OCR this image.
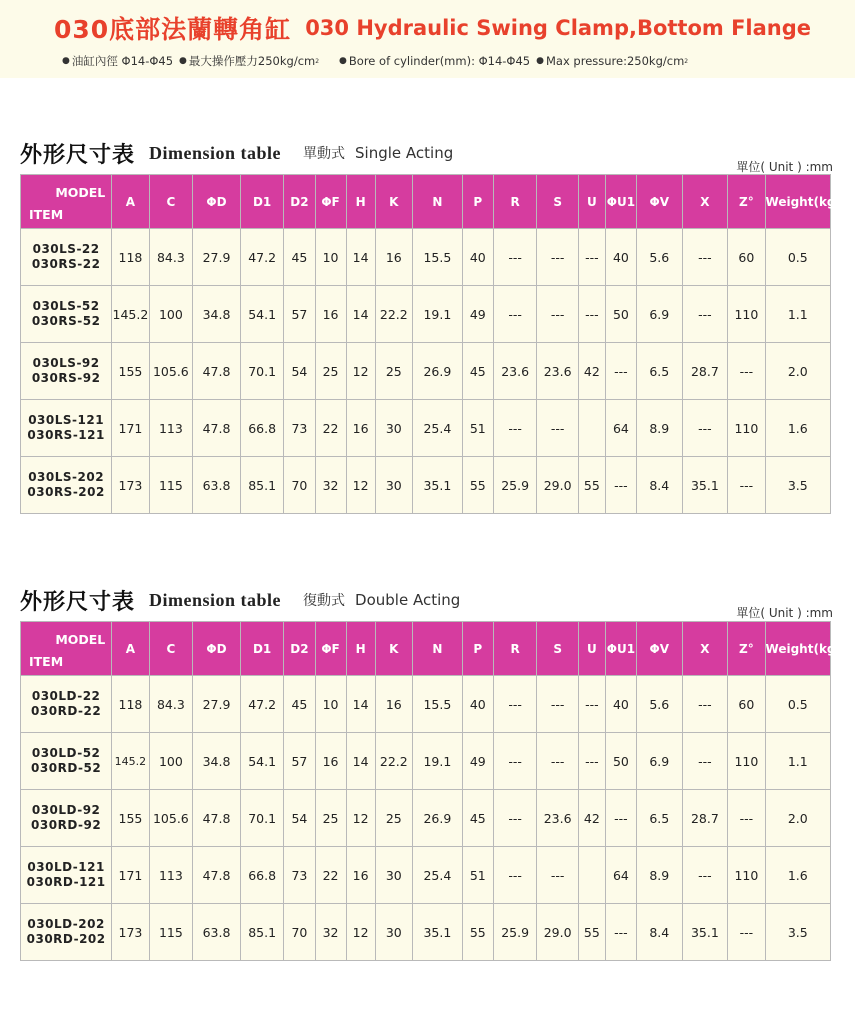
030底部法蘭轉角缸 030 Hydraulic Swing Clamp,Bottom Flange
● 油缸內徑 Φ14-Φ45 ● 最大操作壓力250kg/cm 2 ● Bore of cylinder(mm): Φ14-Φ45 ● Max pressure:250kg/cm 2
外形尺寸表 Dimension table 單動式 Single Acting
單位( Unit ) :mm
MODEL
ITEM	A	C	ΦD	D1	D2	ΦF	H	K	N	P	R	S	U	ΦU1	ΦV	X	Z°	Weight(kg)

030LS-22
030RS-22	118	84.3	27.9	47.2	45	10	14	16	15.5	40	---	---	---	40	5.6	---	60	0.5

030LS-52
030RS-52	145.2	100	34.8	54.1	57	16	14	22.2	19.1	49	---	---	---	50	6.9	---	110	1.1

030LS-92
030RS-92	155	105.6	47.8	70.1	54	25	12	25	26.9	45	23.6	23.6	42	---	6.5	28.7	---	2.0

030LS-121
030RS-121	171	113	47.8	66.8	73	22	16	30	25.4	51	---	---		64	8.9	---	110	1.6

030LS-202
030RS-202	173	115	63.8	85.1	70	32	12	30	35.1	55	25.9	29.0	55	---	8.4	35.1	---	3.5
外形尺寸表 Dimension table 復動式 Double Acting
單位( Unit ) :mm
MODEL
ITEM	A	C	ΦD	D1	D2	ΦF	H	K	N	P	R	S	U	ΦU1	ΦV	X	Z°	Weight(kg)

030LD-22
030RD-22	118	84.3	27.9	47.2	45	10	14	16	15.5	40	---	---	---	40	5.6	---	60	0.5

030LD-52
030RD-52	145.2	100	34.8	54.1	57	16	14	22.2	19.1	49	---	---	---	50	6.9	---	110	1.1

030LD-92
030RD-92	155	105.6	47.8	70.1	54	25	12	25	26.9	45	---	23.6	42	---	6.5	28.7	---	2.0

030LD-121
030RD-121	171	113	47.8	66.8	73	22	16	30	25.4	51	---	---		64	8.9	---	110	1.6

030LD-202
030RD-202	173	115	63.8	85.1	70	32	12	30	35.1	55	25.9	29.0	55	---	8.4	35.1	---	3.5
